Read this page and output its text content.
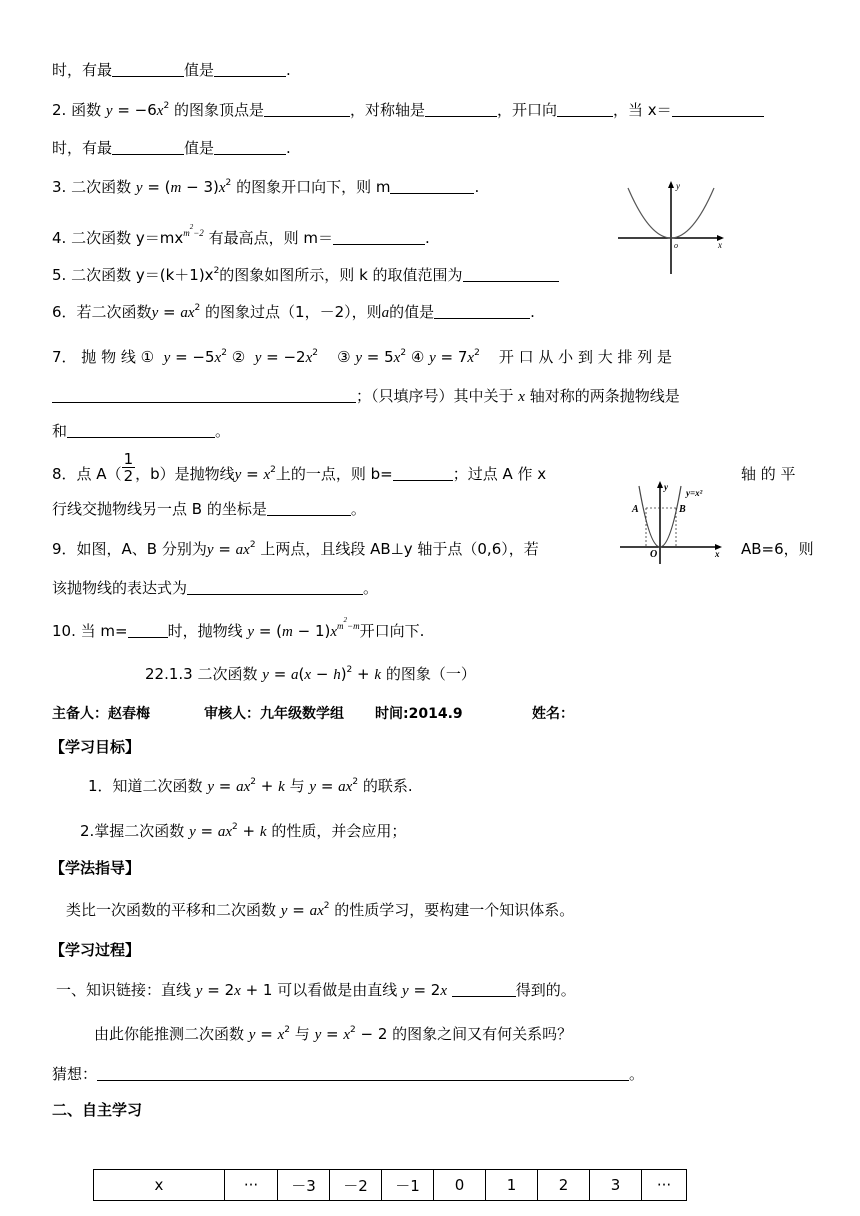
时，有最	值是	.
2. 函数 $y = -6x^2$ 的图象顶点是	，对称轴是	，开口向	，当 x＝
时，有最	值是	.
3. 二次函数 $y = (m - 3)x^2$ 的图象开口向下，则 m	.	y
o	x
4. 二次函数 $y=mx^{m^2-2}$ 有最高点，则 m＝	.
5. 二次函数 $y=(k+1)x^2$的图象如图所示，则 k 的取值范围为
6．若二次函数$y = ax^2$ 的图象过点（1，－2），则a的值是	.
7． 抛 物 线 ① $y = -5x^2$ ② $y = -2x^2$ ③ $y = 5x^2$ ④ $y = 7x^2$ 开 口 从 小 到 大 排 列 是
；（只填序号）其中关于 x 轴对称的两条抛物线是
和	。
8．点 $A( \frac{1}{2}$ ，b）是抛物线$y = x^2$上的一点，则 b=	；过点 A 作 x	轴 的 平
行线交抛物线另一点 B 的坐标是	。
y
y=x²
A	B
O	x
9．如图，A、B 分别为$y = ax^2$ 上两点，且线段 AB⊥y 轴于点（0,6），若	AB=6，则
该抛物线的表达式为	。
10. 当 m=	时，抛物线 $y = (m - 1)x^{m^2-m}$开口向下.
22.1.3 二次函数 $y = a(x - h)^2 + k$ 的图象（一）
主备人：赵春梅	审核人：九年级数学组 时间:2014.9	姓名：
【学习目标】
1．知道二次函数 $y = ax^2 + k$ 与 $y = ax^2$ 的联系.
2.掌握二次函数 $y = ax^2 + k$ 的性质，并会应用；
【学法指导】
类比一次函数的平移和二次函数 $y = ax^2$ 的性质学习，要构建一个知识体系。
【学习过程】
一、知识链接：直线 y = 2x + 1 可以看做是由直线 y = 2x	得到的。
由此你能推测二次函数 $y = x^2$ 与 $y = x^2 - 2$ 的图象之间又有何关系吗？
猜想：	。
二、自主学习
x	···	－3	－2	－1	0	1	2	3	···
